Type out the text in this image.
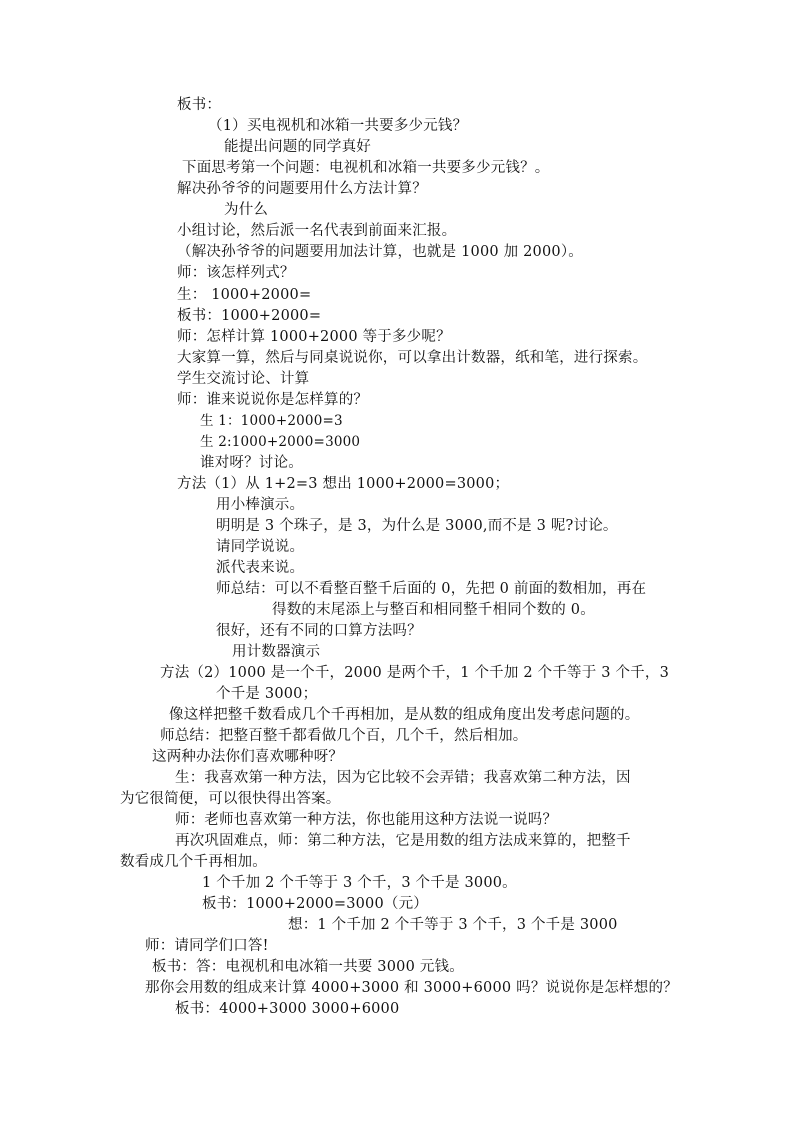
板书：
（1）买电视机和冰箱一共要多少元钱？
能提出问题的同学真好
下面思考第一个问题：电视机和冰箱一共要多少元钱？。
解决孙爷爷的问题要用什么方法计算？
为什么
小组讨论，然后派一名代表到前面来汇报。
（解决孙爷爷的问题要用加法计算，也就是 1000 加 2000）。
师：该怎样列式？
生： 1000+2000=
板书：1000+2000=
师：怎样计算 1000+2000 等于多少呢？
大家算一算，然后与同桌说说你，可以拿出计数器，纸和笔，进行探索。
学生交流讨论、计算
师：谁来说说你是怎样算的？
生 1：1000+2000=3
生 2:1000+2000=3000
谁对呀？讨论。
方法（1）从 1+2=3 想出 1000+2000=3000；
用小棒演示。
明明是 3 个珠子，是 3，为什么是 3000,而不是 3 呢?讨论。
请同学说说。
派代表来说。
师总结：可以不看整百整千后面的 0，先把 0 前面的数相加，再在
得数的末尾添上与整百和相同整千相同个数的 0。
很好，还有不同的口算方法吗？
用计数器演示
方法（2）1000 是一个千，2000 是两个千，1 个千加 2 个千等于 3 个千，3
个千是 3000；
像这样把整千数看成几个千再相加，是从数的组成角度出发考虑问题的。
师总结：把整百整千都看做几个百，几个千，然后相加。
这两种办法你们喜欢哪种呀？
生：我喜欢第一种方法，因为它比较不会弄错；我喜欢第二种方法，因
为它很简便，可以很快得出答案。
师：老师也喜欢第一种方法，你也能用这种方法说一说吗？
再次巩固难点，师：第二种方法，它是用数的组方法成来算的，把整千
数看成几个千再相加。
1 个千加 2 个千等于 3 个千，3 个千是 3000。
板书：1000+2000=3000（元）
想：1 个千加 2 个千等于 3 个千，3 个千是 3000
师：请同学们口答!
板书：答：电视机和电冰箱一共要 3000 元钱。
那你会用数的组成来计算 4000+3000 和 3000+6000 吗？说说你是怎样想的？
板书：4000+3000 3000+6000
